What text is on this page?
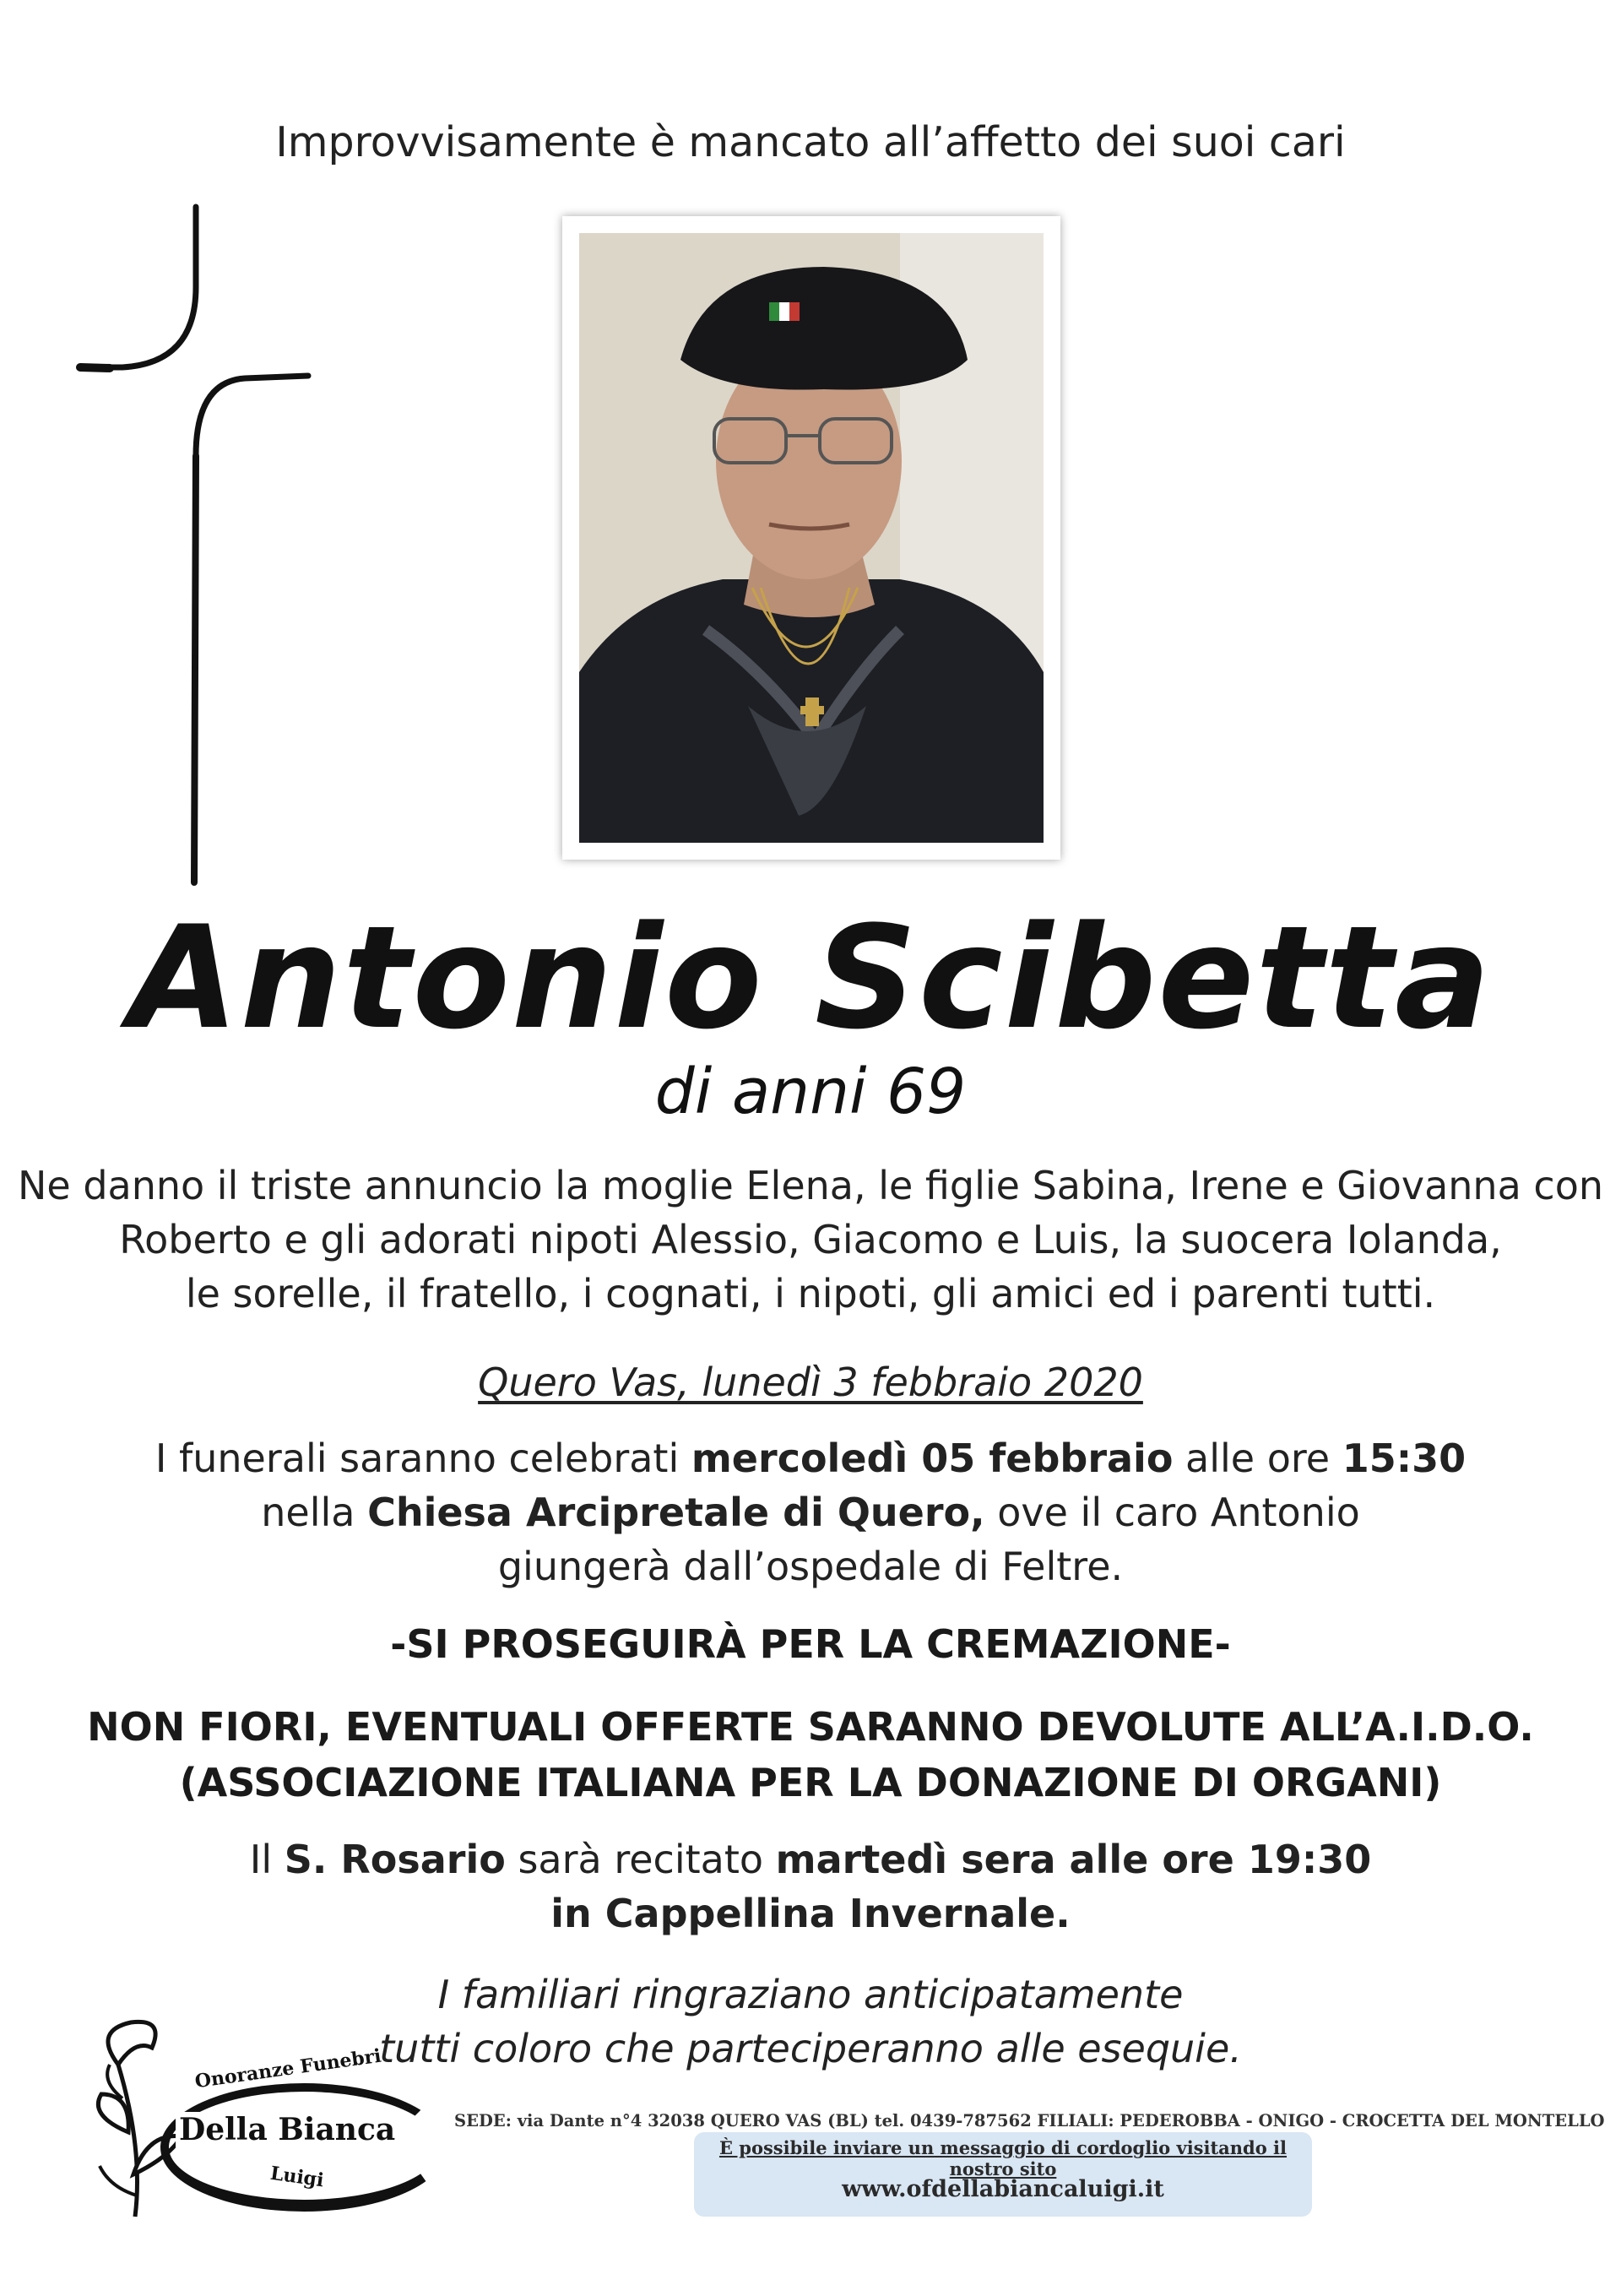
Improvvisamente è mancato all’affetto dei suoi cari
Antonio Scibetta
di anni 69
Ne danno il triste annuncio la moglie Elena, le figlie Sabina, Irene e Giovanna con
Roberto e gli adorati nipoti Alessio, Giacomo e Luis, la suocera Iolanda,
le sorelle, il fratello, i cognati, i nipoti, gli amici ed i parenti tutti.
Quero Vas, lunedì 3 febbraio 2020
I funerali saranno celebrati mercoledì 05 febbraio alle ore 15:30
nella Chiesa Arcipretale di Quero, ove il caro Antonio
giungerà dall’ospedale di Feltre.
-SI PROSEGUIRÀ PER LA CREMAZIONE-
NON FIORI, EVENTUALI OFFERTE SARANNO DEVOLUTE ALL’A.I.D.O.
(ASSOCIAZIONE ITALIANA PER LA DONAZIONE DI ORGANI)
Il S. Rosario sarà recitato martedì sera alle ore 19:30
in Cappellina Invernale.
I familiari ringraziano anticipatamente
tutti coloro che parteciperanno alle esequie.
Onoranze Funebri
Della Bianca
Luigi
SEDE: via Dante n°4 32038 QUERO VAS (BL) tel. 0439-787562 FILIALI: PEDEROBBA - ONIGO - CROCETTA DEL MONTELLO
È possibile inviare un messaggio di cordoglio visitando il nostro sito
www.ofdellabiancaluigi.it
